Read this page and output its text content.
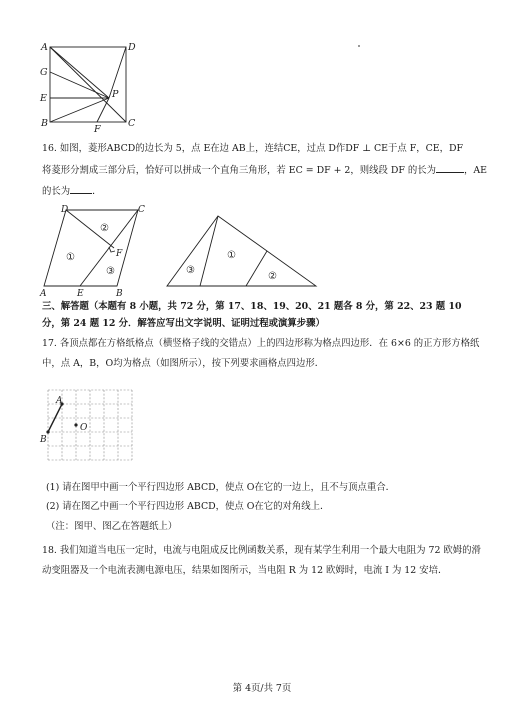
A	D
G
E	P
B
F
C
16. 如图，菱形ABCD的边长为 5，点 E在边 AB上，连结CE，过点 D作DF ⊥ CE于点 F，CE，DF
将菱形分割成三部分后，恰好可以拼成一个直角三角形，若 EC = DF + 2，则线段 DF 的长为	，AE
的长为 ．
D	C
F
A	E	B
①
②
③	③
①
②
三、解答题（本题有 8 小题，共 72 分，第 17、18、19、20、21 题各 8 分，第 22、23 题 10
分，第 24 题 12 分．解答应写出文字说明、证明过程或演算步骤）
17. 各顶点都在方格纸格点（横竖格子线的交错点）上的四边形称为格点四边形．在 6×6 的正方形方格纸
中，点 A，B，O均为格点（如图所示），按下列要求画格点四边形．
A
B
O
(1) 请在图甲中画一个平行四边形 ABCD，使点 O在它的一边上，且不与顶点重合．
(2) 请在图乙中画一个平行四边形 ABCD，使点 O在它的对角线上．
（注：图甲、图乙在答题纸上）
18. 我们知道当电压一定时，电流与电阻成反比例函数关系，现有某学生利用一个最大电阻为 72 欧姆的滑
动变阻器及一个电流表测电源电压，结果如图所示，当电阻 R 为 12 欧姆时，电流 I 为 12 安培．
第 4页/共 7页
